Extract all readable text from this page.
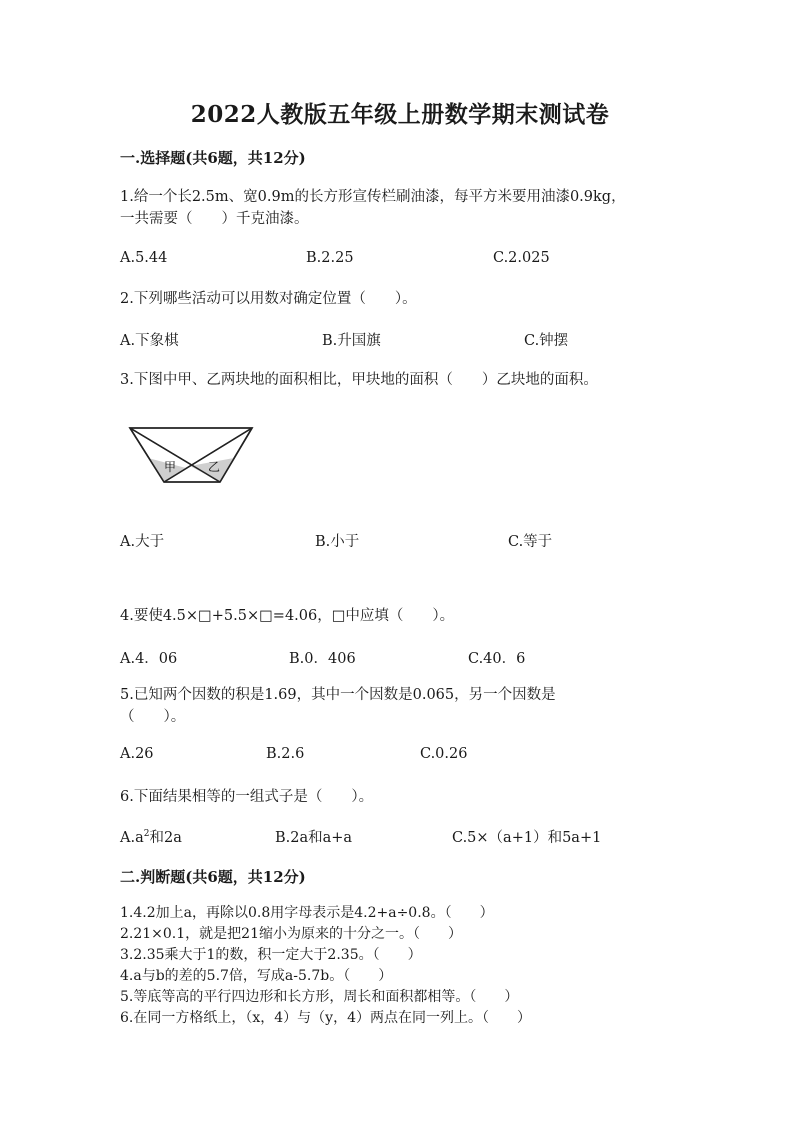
2022人教版五年级上册数学期末测试卷
一.选择题(共6题，共12分)
1.给一个长2.5m、宽0.9m的长方形宣传栏刷油漆，每平方米要用油漆0.9kg，
一共需要（　　）千克油漆。
A.5.44	B.2.25	C.2.025
2.下列哪些活动可以用数对确定位置（　　）。
A.下象棋	B.升国旗	C.钟摆
3.下图中甲、乙两块地的面积相比，甲块地的面积（　　）乙块地的面积。
甲	乙
A.大于	B.小于	C.等于
4.要使4.5×□+5.5×□=4.06，□中应填（　　）。
A.4．06	B.0．406	C.40．6
5.已知两个因数的积是1.69，其中一个因数是0.065，另一个因数是
（　　）。
A.26	B.2.6	C.0.26
6.下面结果相等的一组式子是（　　）。
$A.a^2$和2a	B.2a和a+a	C.5×（a+1）和5a+1
二.判断题(共6题，共12分)
1.4.2加上a，再除以0.8用字母表示是4.2+a÷0.8。（　　）
2.21×0.1，就是把21缩小为原来的十分之一。（　　）
3.2.35乘大于1的数，积一定大于2.35。（　　）
4.a与b的差的5.7倍，写成a-5.7b。（　　）
5.等底等高的平行四边形和长方形，周长和面积都相等。（　　）
6.在同一方格纸上，（x，4）与（y，4）两点在同一列上。（　　）
